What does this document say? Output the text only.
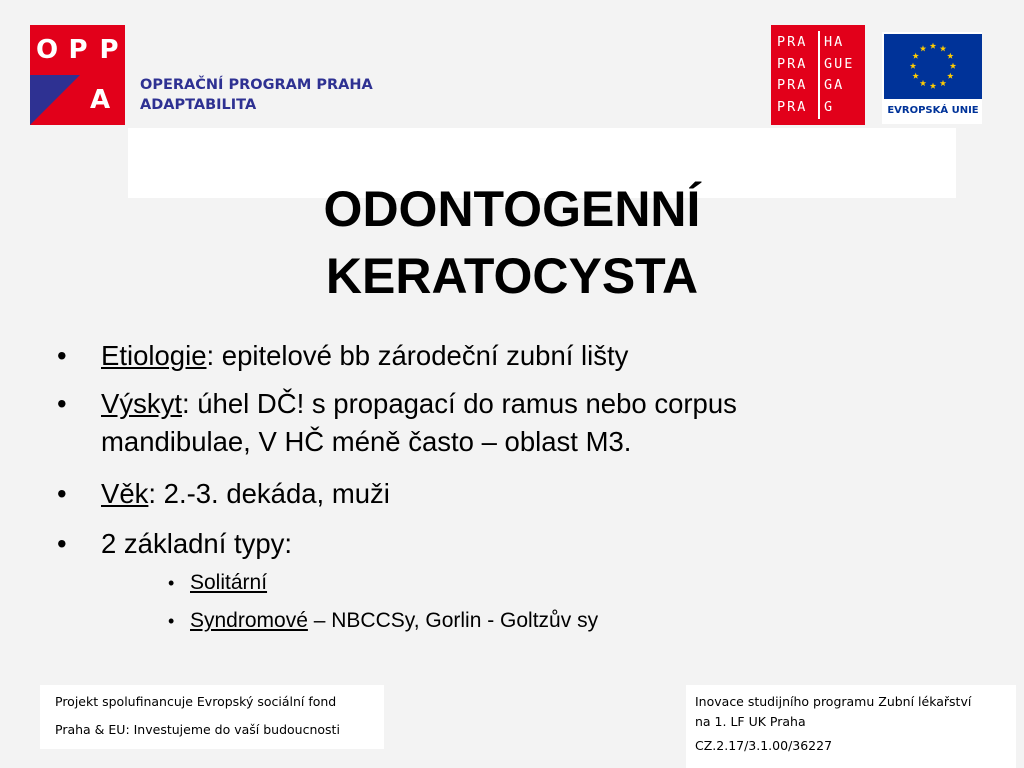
O P P
A OPERAČNÍ PROGRAM PRAHA
ADAPTABILITA
PRA
PRA
PRA
PRA
HA
GUE
GA
G	EVROPSKÁ UNIE
ODONTOGENNÍ
KERATOCYSTA
• Etiologie: epitelové bb zárodeční zubní lišty
• Výskyt: úhel DČ! s propagací do ramus nebo corpus
mandibulae, V HČ méně často – oblast M3.
• Věk: 2.-3. dekáda, muži
• 2 základní typy:
• Solitární
• Syndromové – NBCCSy, Gorlin - Goltzův sy
Projekt spolufinancuje Evropský sociální fond
Praha & EU: Investujeme do vaší budoucnosti
Inovace studijního programu Zubní lékařství
na 1. LF UK Praha
CZ.2.17/3.1.00/36227
